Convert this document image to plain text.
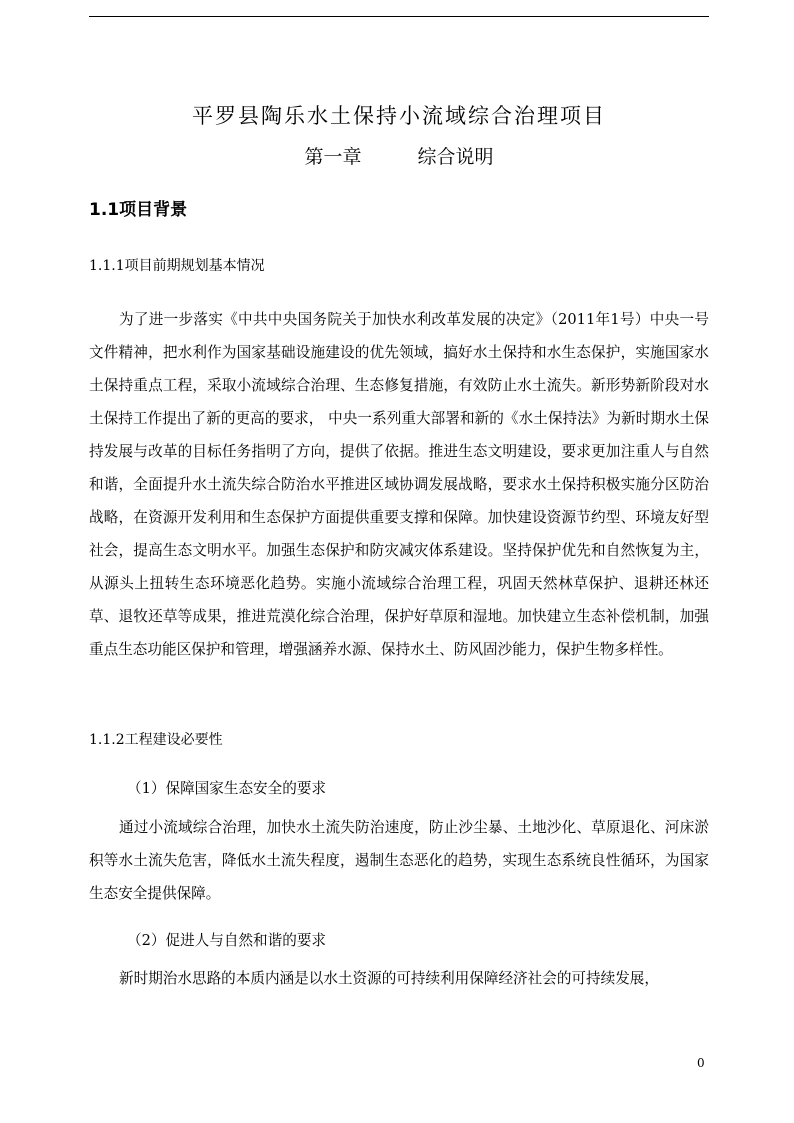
平罗县陶乐水土保持小流域综合治理项目
第一章	综合说明
1.1项目背景

1.1.1项目前期规划基本情况

为了进一步落实《中共中央国务院关于加快水利改革发展的决定》（2011年1号）中央一号文件精神，把水利作为国家基础设施建设的优先领域，搞好水土保持和水生态保护，实施国家水土保持重点工程，采取小流域综合治理、生态修复措施，有效防止水土流失。新形势新阶段对水土保持工作提出了新的更高的要求， 中央一系列重大部署和新的《水土保持法》为新时期水土保持发展与改革的目标任务指明了方向，提供了依据。推进生态文明建设，要求更加注重人与自然和谐，全面提升水土流失综合防治水平推进区域协调发展战略，要求水土保持积极实施分区防治战略，在资源开发利用和生态保护方面提供重要支撑和保障。加快建设资源节约型、环境友好型社会，提高生态文明水平。加强生态保护和防灾减灾体系建设。坚持保护优先和自然恢复为主，从源头上扭转生态环境恶化趋势。实施小流域综合治理工程，巩固天然林草保护、退耕还林还草、退牧还草等成果，推进荒漠化综合治理，保护好草原和湿地。加快建立生态补偿机制，加强重点生态功能区保护和管理，增强涵养水源、保持水土、防风固沙能力，保护生物多样性。

1.1.2工程建设必要性

（1）保障国家生态安全的要求

通过小流域综合治理，加快水土流失防治速度，防止沙尘暴、土地沙化、草原退化、河床淤积等水土流失危害，降低水土流失程度，遏制生态恶化的趋势，实现生态系统良性循环，为国家生态安全提供保障。

（2）促进人与自然和谐的要求

新时期治水思路的本质内涵是以水土资源的可持续利用保障经济社会的可持续发展，

0
